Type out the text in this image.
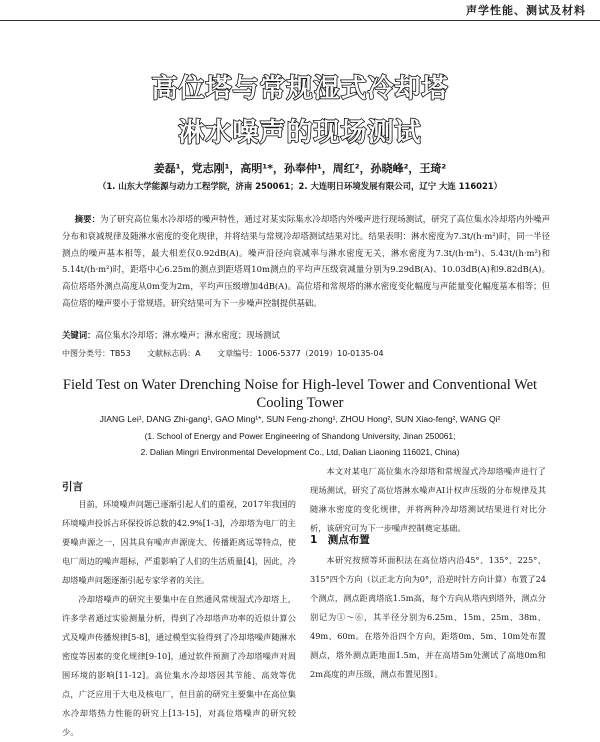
声学性能、测试及材料
高位塔与常规湿式冷却塔
淋水噪声的现场测试
姜磊¹，党志刚¹，高明¹*，孙奉仲¹，周红²，孙晓峰²，王琦²
（1. 山东大学能源与动力工程学院，济南 250061；2. 大连明日环境发展有限公司，辽宁 大连 116021）

摘要：为了研究高位集水冷却塔的噪声特性，通过对某实际集水冷却塔内外噪声进行现场测试，研究了高位集水冷却塔内外噪声分布和衰减规律及随淋水密度的变化规律，并将结果与常规冷却塔测试结果对比。结果表明：淋水密度为7.3t/(h·m²)时，同一半径测点的噪声基本相等，最大相差仅0.92dB(A)。噪声沿径向衰减率与淋水密度无关，淋水密度为7.3t/(h·m²)、5.43t/(h·m²)和5.14t/(h·m²)时，距塔中心6.25m的测点到距塔周10m测点的平均声压级衰减量分别为9.29dB(A)、10.03dB(A)和9.82dB(A)。高位塔塔外测点高度从0m变为2m，平均声压级增加4dB(A)。高位塔和常规塔的淋水密度变化幅度与声能量变化幅度基本相等；但高位塔的噪声要小于常规塔。研究结果可为下一步噪声控制提供基础。

关键词：高位集水冷却塔；淋水噪声；淋水密度；现场测试
中图分类号：TB53 文献标志码：A 文章编号：1006-5377（2019）10-0135-04
Field Test on Water Drenching Noise for High-level Tower and Conventional Wet Cooling Tower
JIANG Lei¹, DANG Zhi-gang¹, GAO Ming¹*, SUN Feng-zhong¹, ZHOU Hong², SUN Xiao-feng², WANG Qi²
(1. School of Energy and Power Engineering of Shandong University, Jinan 250061;
2. Dalian Mingri Environmental Development Co., Ltd, Dalian Liaoning 116021, China)
引言

目前，环境噪声问题已逐渐引起人们的重视，2017年我国的环境噪声投诉占环保投诉总数的42.9%[1-3]，冷却塔为电厂的主要噪声源之一，因其具有噪声声源庞大、传播距离远等特点，使电厂周边的噪声超标，严重影响了人们的生活质量[4]，因此，冷却塔噪声问题逐渐引起专家学者的关注。

冷却塔噪声的研究主要集中在自然通风常规湿式冷却塔上，许多学者通过实验测量分析，得到了冷却塔声功率的近似计算公式及噪声传播规律[5-8]，通过模型实验得到了冷却塔噪声随淋水密度等因素的变化规律[9-10]，通过软件预测了冷却塔噪声对周围环境的影响[11-12]。高位集水冷却塔因其节能、高效等优点，广泛应用于大电及核电厂，但目前的研究主要集中在高位集水冷却塔热力性能的研究上[13-15]，对高位塔噪声的研究较少。

本文对某电厂高位集水冷却塔和常规湿式冷却塔噪声进行了现场测试，研究了高位塔淋水噪声AI计权声压级的分布规律及其随淋水密度的变化规律，并将两种冷却塔测试结果进行对比分析，该研究可为下一步噪声控制奠定基础。

1　测点布置

本研究按照等环面积法在高位塔内沿45°、135°、225°、315°四个方向（以正北方向为0°，沿逆时针方向计算）布置了24个测点，测点距离塔底1.5m高，每个方向从塔内到塔外，测点分别记为①～⑥，其半径分别为6.25m、15m、25m、38m、49m、60m。在塔外沿四个方向，距塔0m、5m、10m处布置测点，塔外测点距地面1.5m，并在高塔5m处测试了高地0m和2m高度的声压级，测点布置见图1。
